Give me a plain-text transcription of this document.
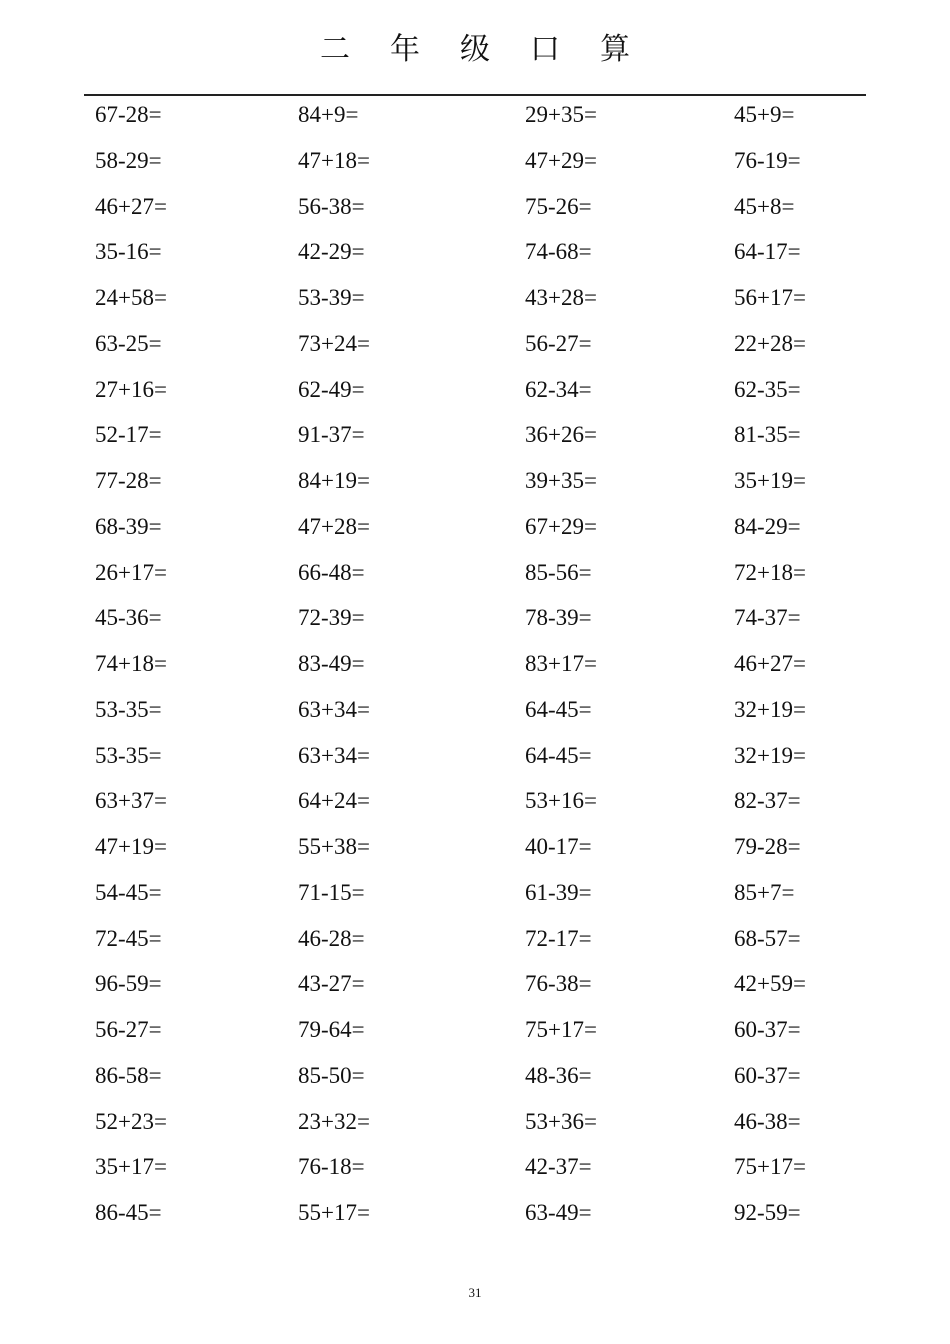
二年级口算
67-28=	84+9=	29+35=	45+9=
58-29=	47+18=	47+29=	76-19=
46+27=	56-38=	75-26=	45+8=
35-16=	42-29=	74-68=	64-17=
24+58=	53-39=	43+28=	56+17=
63-25=	73+24=	56-27=	22+28=
27+16=	62-49=	62-34=	62-35=
52-17=	91-37=	36+26=	81-35=
77-28=	84+19=	39+35=	35+19=
68-39=	47+28=	67+29=	84-29=
26+17=	66-48=	85-56=	72+18=
45-36=	72-39=	78-39=	74-37=
74+18=	83-49=	83+17=	46+27=
53-35=	63+34=	64-45=	32+19=
53-35=	63+34=	64-45=	32+19=
63+37=	64+24=	53+16=	82-37=
47+19=	55+38=	40-17=	79-28=
54-45=	71-15=	61-39=	85+7=
72-45=	46-28=	72-17=	68-57=
96-59=	43-27=	76-38=	42+59=
56-27=	79-64=	75+17=	60-37=
86-58=	85-50=	48-36=	60-37=
52+23=	23+32=	53+36=	46-38=
35+17=	76-18=	42-37=	75+17=
86-45=	55+17=	63-49=	92-59=
31
